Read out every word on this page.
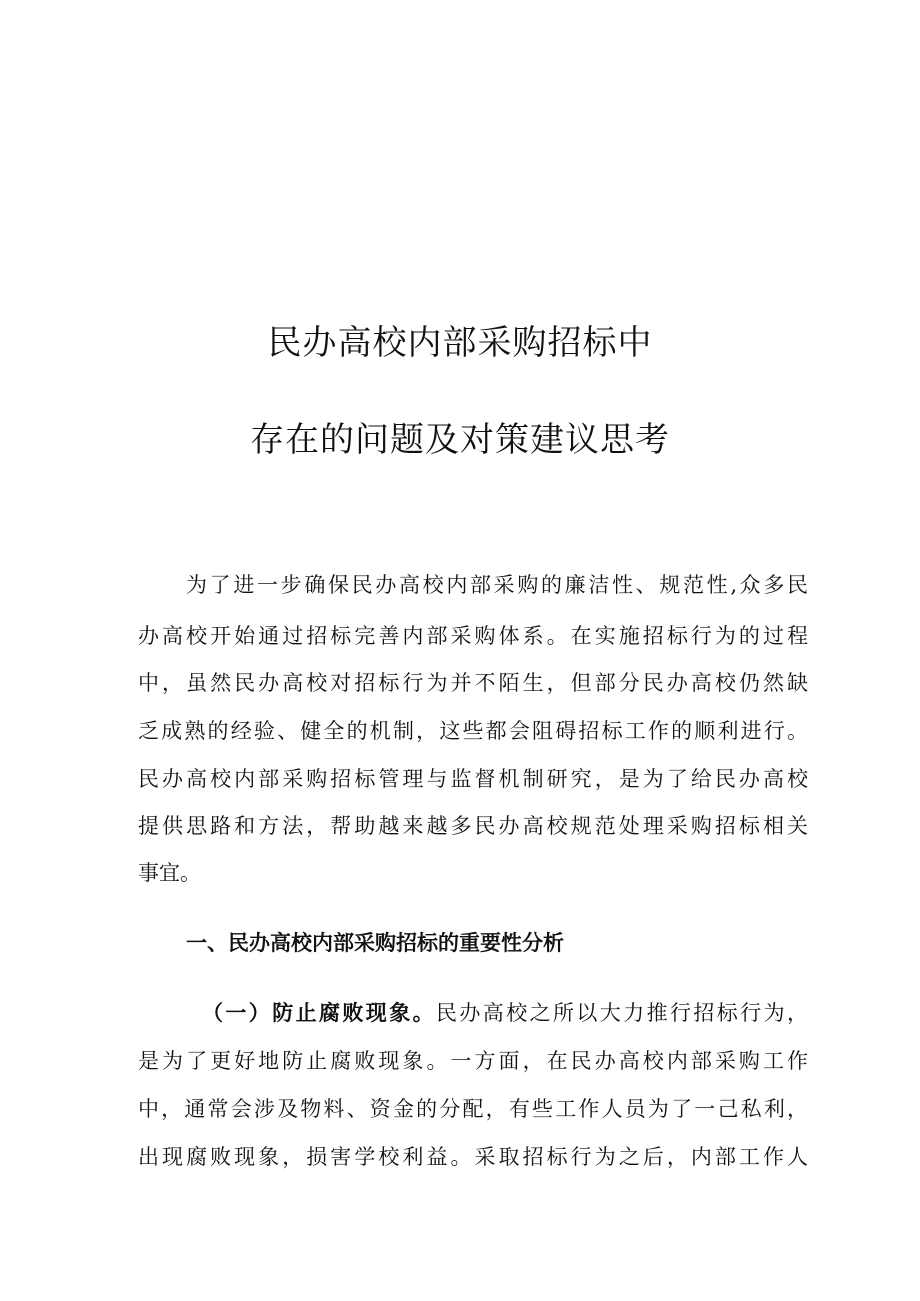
民办高校内部采购招标中
存在的问题及对策建议思考

为了进一步确保民办高校内部采购的廉洁性、规范性,众多民

办高校开始通过招标完善内部采购体系。在实施招标行为的过程

中，虽然民办高校对招标行为并不陌生，但部分民办高校仍然缺

乏成熟的经验、健全的机制，这些都会阻碍招标工作的顺利进行。

民办高校内部采购招标管理与监督机制研究，是为了给民办高校

提供思路和方法，帮助越来越多民办高校规范处理采购招标相关

事宜。

一、民办高校内部采购招标的重要性分析

（一）防止腐败现象。民办高校之所以大力推行招标行为，

是为了更好地防止腐败现象。一方面，在民办高校内部采购工作

中，通常会涉及物料、资金的分配，有些工作人员为了一己私利，

出现腐败现象，损害学校利益。采取招标行为之后，内部工作人
